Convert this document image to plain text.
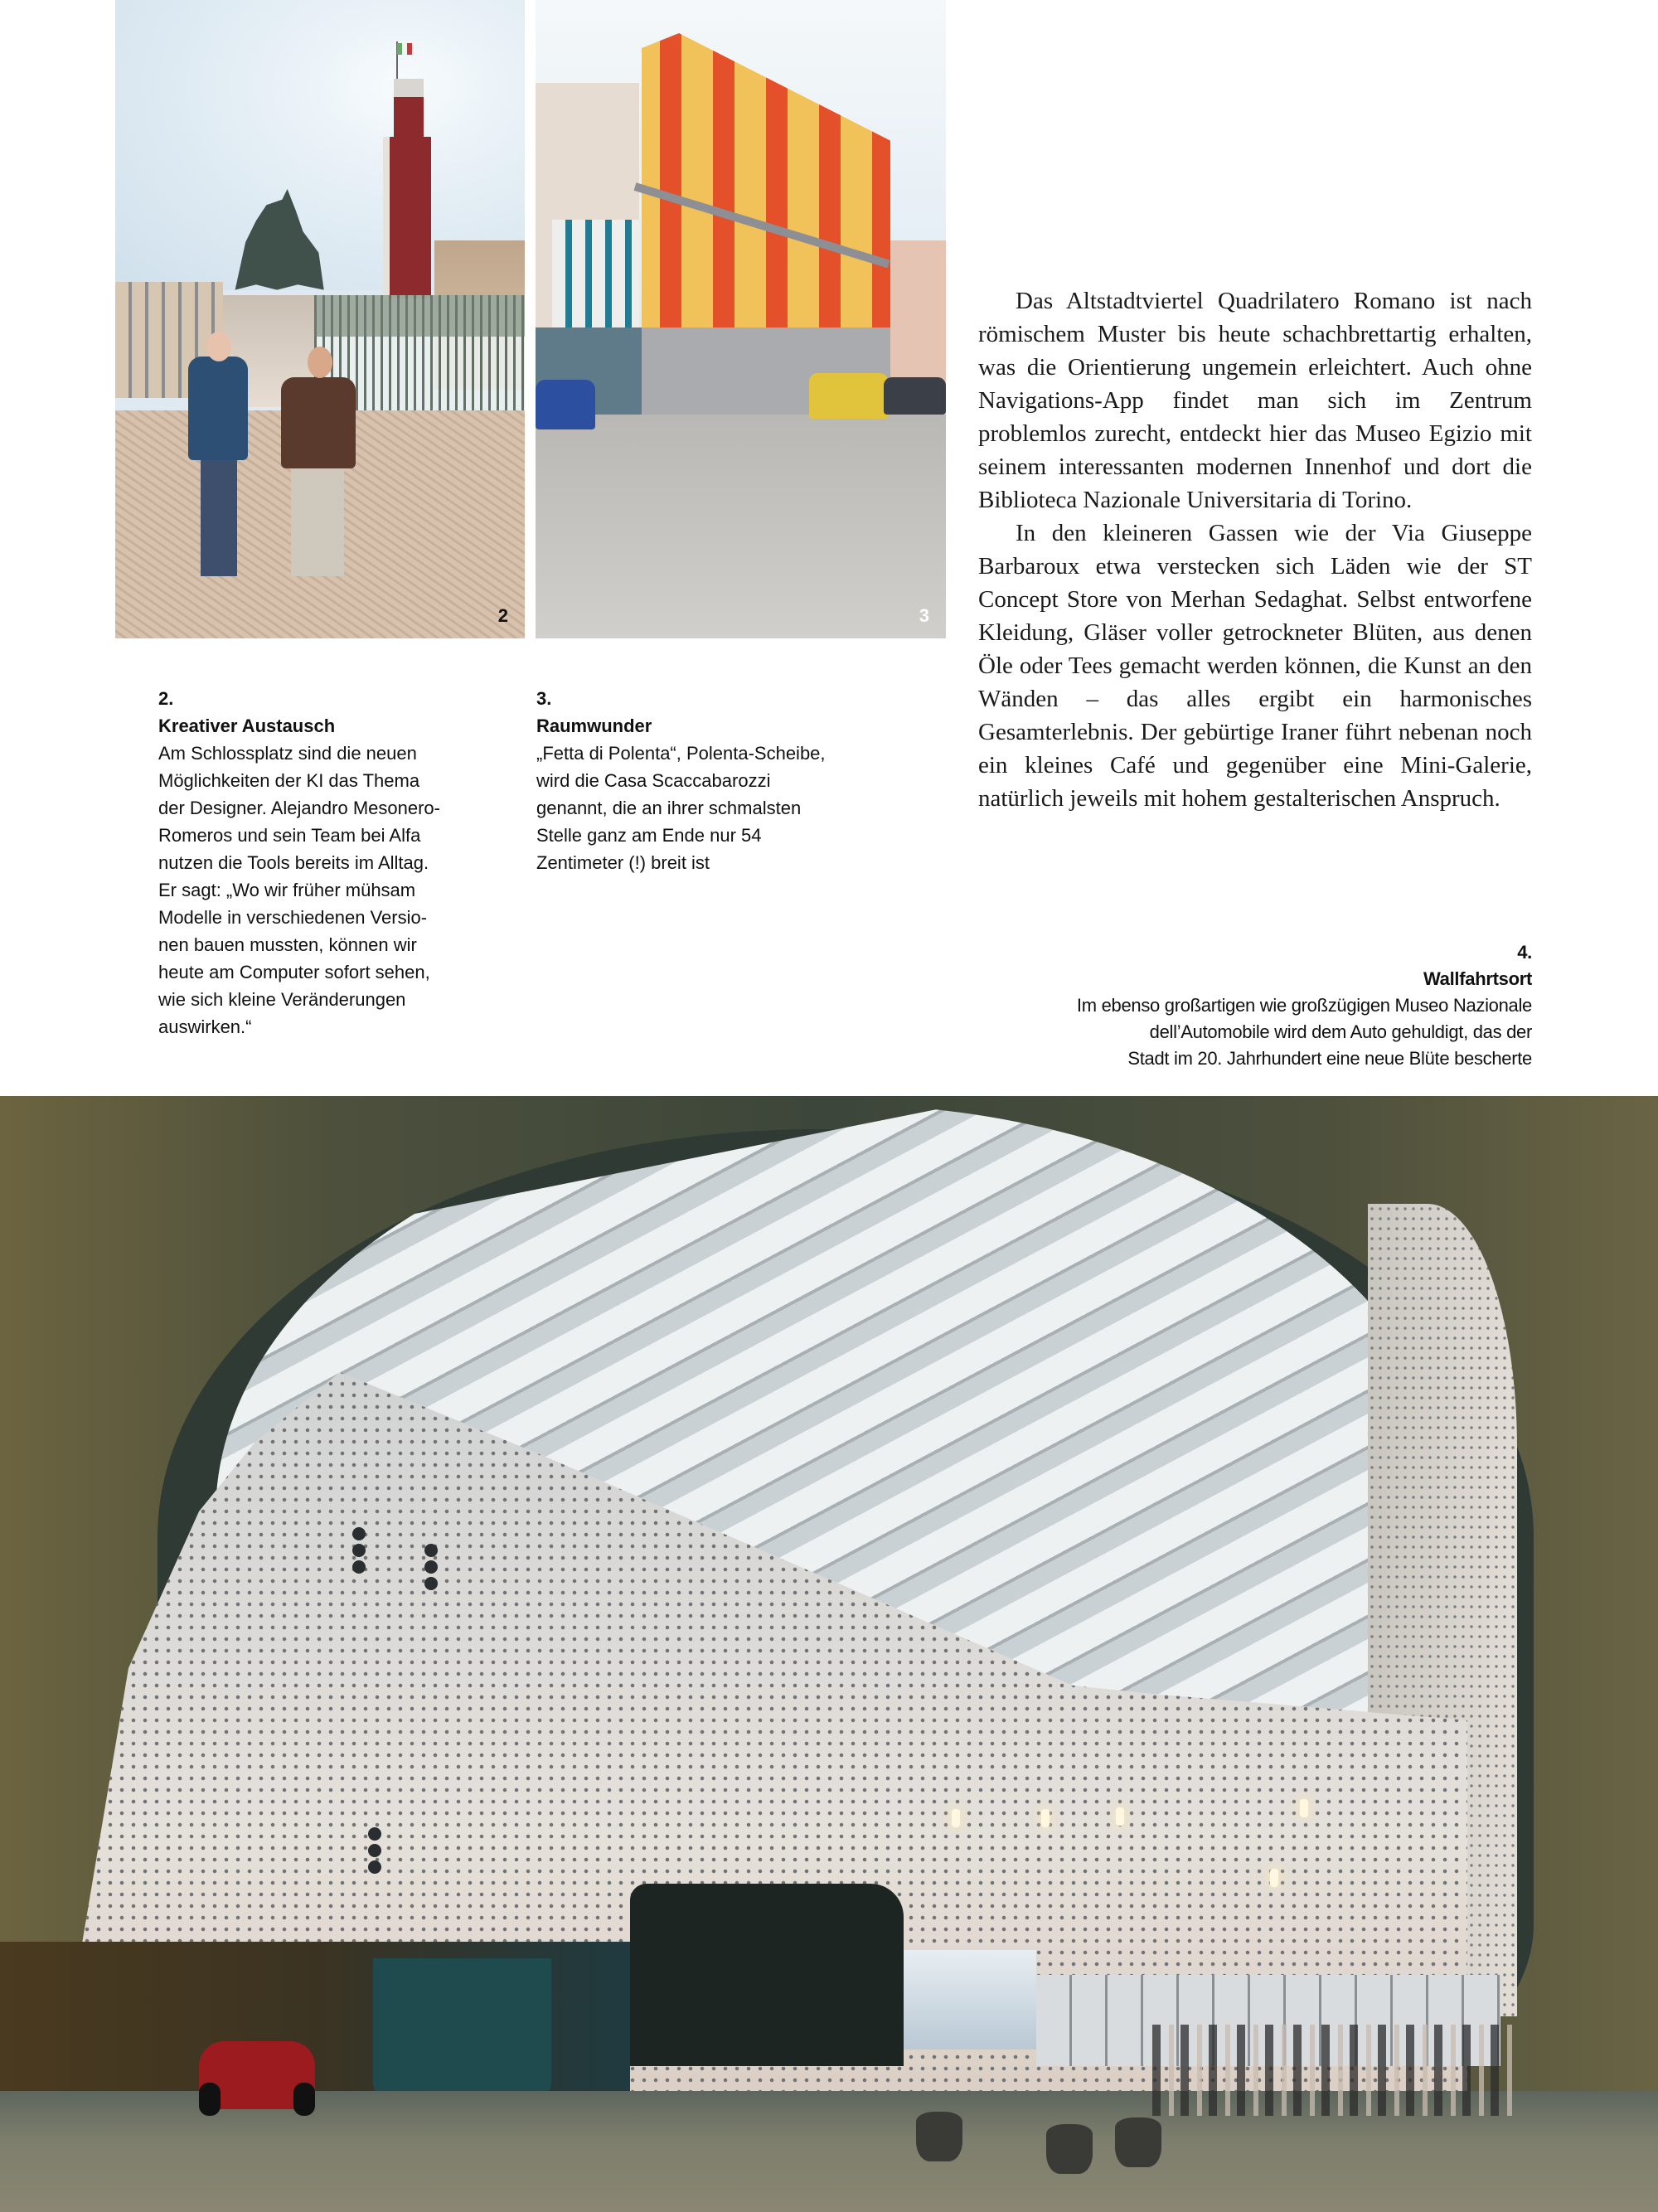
2	3
2.
Kreativer Austausch
Am Schlossplatz sind die neuen
Möglichkeiten der KI das Thema
der Designer. Alejandro Mesonero-
Romeros und sein Team bei Alfa
nutzen die Tools bereits im Alltag.
Er sagt: „Wo wir früher mühsam
Modelle in verschiedenen Versio-
nen bauen mussten, können wir
heute am Computer sofort sehen,
wie sich kleine Veränderungen
auswirken.“
3.
Raumwunder
„Fetta di Polenta“, Polenta-Scheibe,
wird die Casa Scaccabarozzi
genannt, die an ihrer schmalsten
Stelle ganz am Ende nur 54
Zentimeter (!) breit ist

Das Altstadtviertel Quadrilatero Romano ist nach römischem Muster bis heute schachbrettartig erhalten, was die Orientierung ungemein erleichtert. Auch ohne Navigations-App findet man sich im Zentrum problemlos zurecht, entdeckt hier das Museo Egizio mit seinem interessanten modernen Innenhof und dort die Biblioteca Nazionale Universitaria di Torino.

In den kleineren Gassen wie der Via Giuseppe Barbaroux etwa verstecken sich Läden wie der ST Concept Store von Merhan Sedaghat. Selbst entworfene Kleidung, Gläser voller getrockneter Blüten, aus denen Öle oder Tees gemacht werden können, die Kunst an den Wänden – das alles ergibt ein harmonisches Gesamterlebnis. Der gebürtige Iraner führt nebenan noch ein kleines Café und gegenüber eine Mini-Galerie, natürlich jeweils mit hohem gestalterischen Anspruch.

4.
Wallfahrtsort
Im ebenso großartigen wie großzügigen Museo Nazionale
dell’Automobile wird dem Auto gehuldigt, das der
Stadt im 20. Jahrhundert eine neue Blüte bescherte
